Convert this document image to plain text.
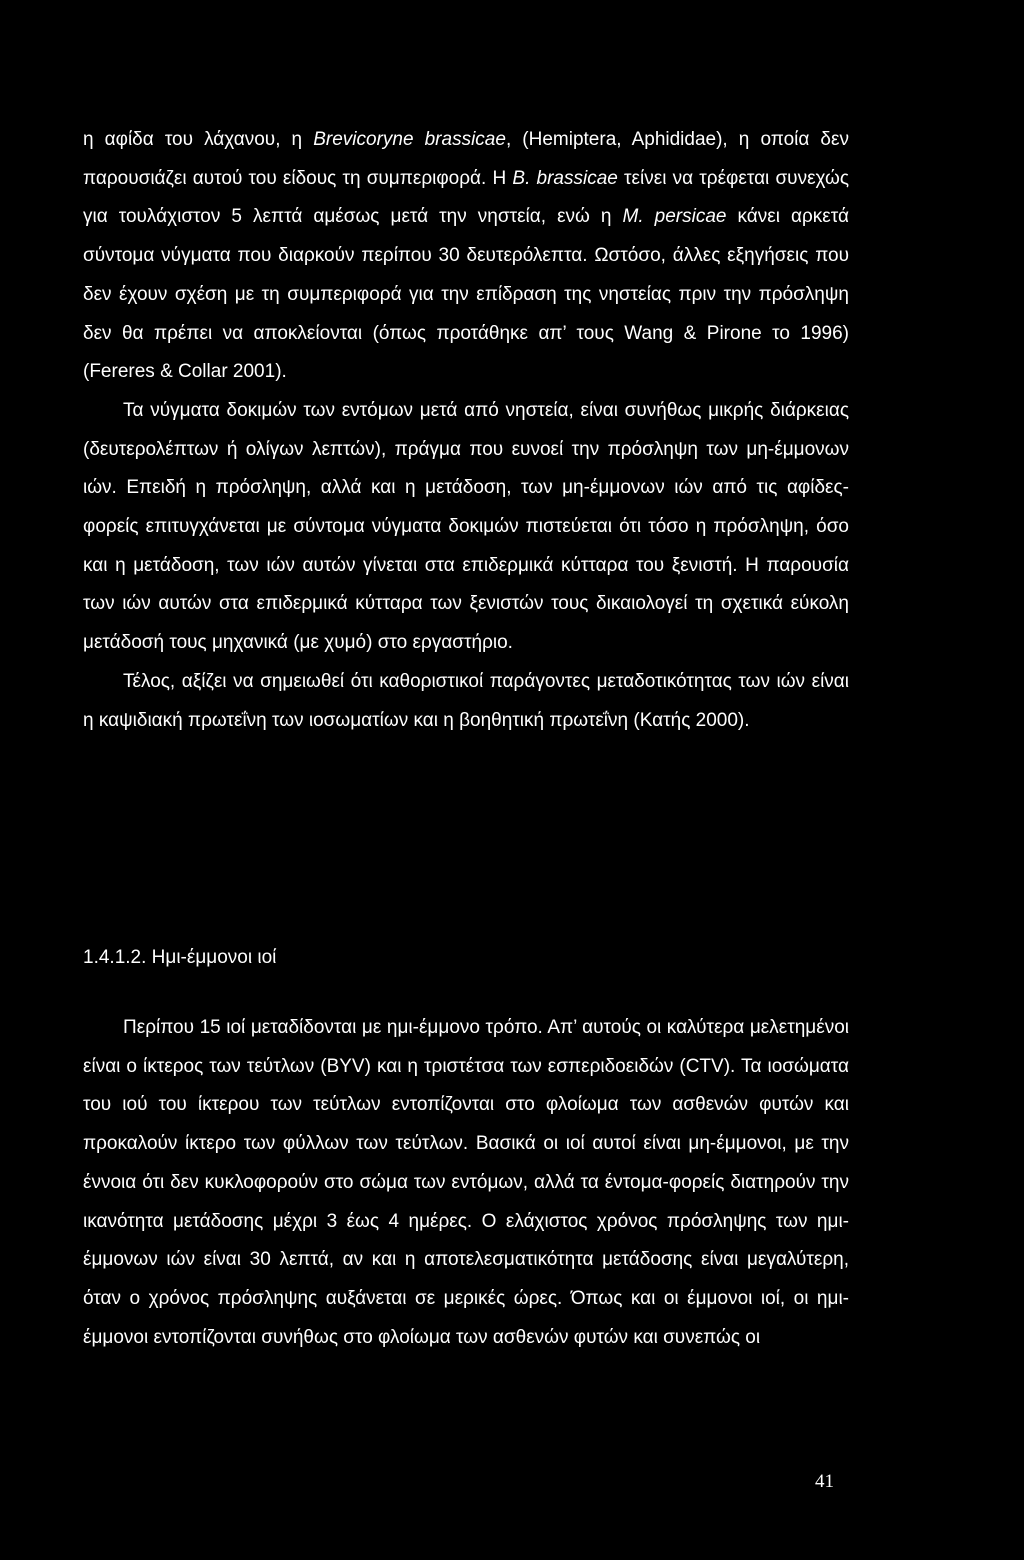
η αφίδα του λάχανου, η Brevicoryne brassicae, (Hemiptera, Aphididae), η οποία δεν παρουσιάζει αυτού του είδους τη συμπεριφορά. Η B. brassicae τείνει να τρέφεται συνεχώς για τουλάχιστον 5 λεπτά αμέσως μετά την νηστεία, ενώ η M. persicae κάνει αρκετά σύντομα νύγματα που διαρκούν περίπου 30 δευτερόλεπτα. Ωστόσο, άλλες εξηγήσεις που δεν έχουν σχέση με τη συμπεριφορά για την επίδραση της νηστείας πριν την πρόσληψη δεν θα πρέπει να αποκλείονται (όπως προτάθηκε απ’ τους Wang & Pirone το 1996) (Fereres & Collar 2001).

Τα νύγματα δοκιμών των εντόμων μετά από νηστεία, είναι συνήθως μικρής διάρκειας (δευτερολέπτων ή ολίγων λεπτών), πράγμα που ευνοεί την πρόσληψη των μη-έμμονων ιών. Επειδή η πρόσληψη, αλλά και η μετάδοση, των μη-έμμονων ιών από τις αφίδες-φορείς επιτυγχάνεται με σύντομα νύγματα δοκιμών πιστεύεται ότι τόσο η πρόσληψη, όσο και η μετάδοση, των ιών αυτών γίνεται στα επιδερμικά κύτταρα του ξενιστή. Η παρουσία των ιών αυτών στα επιδερμικά κύτταρα των ξενιστών τους δικαιολογεί τη σχετικά εύκολη μετάδοσή τους μηχανικά (με χυμό) στο εργαστήριο.

Τέλος, αξίζει να σημειωθεί ότι καθοριστικοί παράγοντες μεταδοτικότητας των ιών είναι η καψιδιακή πρωτεΐνη των ιοσωματίων και η βοηθητική πρωτεΐνη (Κατής 2000).

1.4.1.2. Ημι-έμμονοι ιοί

Περίπου 15 ιοί μεταδίδονται με ημι-έμμονο τρόπο. Απ’ αυτούς οι καλύτερα μελετημένοι είναι ο ίκτερος των τεύτλων (BYV) και η τριστέτσα των εσπεριδοειδών (CTV). Τα ιοσώματα του ιού του ίκτερου των τεύτλων εντοπίζονται στο φλοίωμα των ασθενών φυτών και προκαλούν ίκτερο των φύλλων των τεύτλων. Βασικά οι ιοί αυτοί είναι μη-έμμονοι, με την έννοια ότι δεν κυκλοφορούν στο σώμα των εντόμων, αλλά τα έντομα-φορείς διατηρούν την ικανότητα μετάδοσης μέχρι 3 έως 4 ημέρες. Ο ελάχιστος χρόνος πρόσληψης των ημι-έμμονων ιών είναι 30 λεπτά, αν και η αποτελεσματικότητα μετάδοσης είναι μεγαλύτερη, όταν ο χρόνος πρόσληψης αυξάνεται σε μερικές ώρες. Όπως και οι έμμονοι ιοί, οι ημι-έμμονοι εντοπίζονται συνήθως στο φλοίωμα των ασθενών φυτών και συνεπώς οι

41
